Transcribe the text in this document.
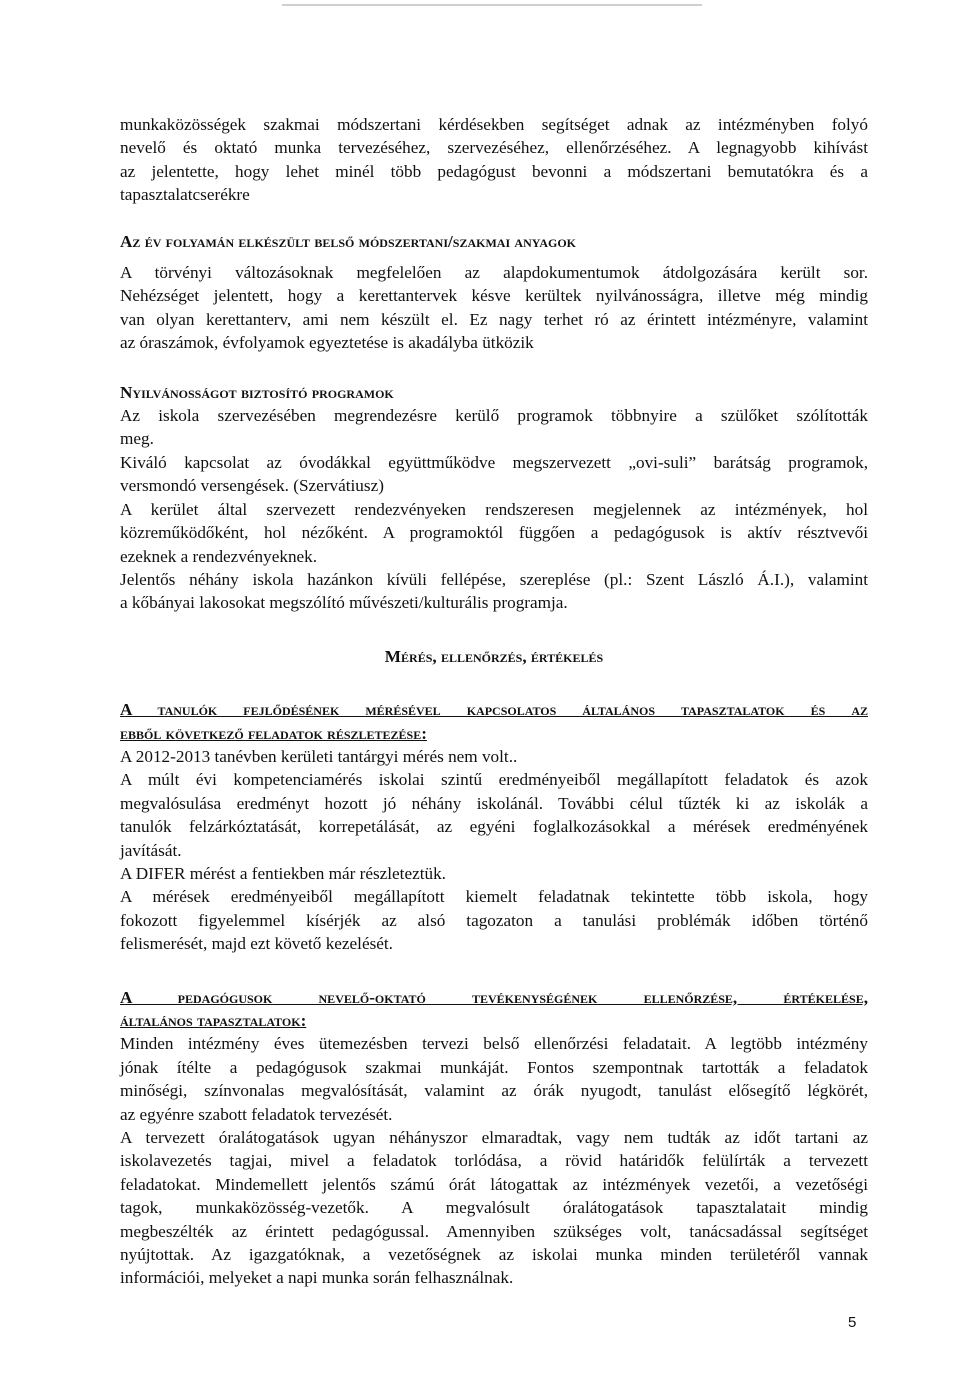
munkaközösségek szakmai módszertani kérdésekben segítséget adnak az intézményben folyó

nevelő és oktató munka tervezéséhez, szervezéséhez, ellenőrzéséhez. A legnagyobb kihívást

az jelentette, hogy lehet minél több pedagógust bevonni a módszertani bemutatókra és a

tapasztalatcserékre

Az év folyamán elkészült belső módszertani/szakmai anyagok

A törvényi változásoknak megfelelően az alapdokumentumok átdolgozására került sor.

Nehézséget jelentett, hogy a kerettantervek késve kerültek nyilvánosságra, illetve még mindig

van olyan kerettanterv, ami nem készült el. Ez nagy terhet ró az érintett intézményre, valamint

az óraszámok, évfolyamok egyeztetése is akadályba ütközik

Nyilvánosságot biztosító programok

Az iskola szervezésében megrendezésre kerülő programok többnyire a szülőket szólították

meg.

Kiváló kapcsolat az óvodákkal együttműködve megszervezett „ovi-suli” barátság programok,

versmondó versengések. (Szervátiusz)

A kerület által szervezett rendezvényeken rendszeresen megjelennek az intézmények, hol

közreműködőként, hol nézőként. A programoktól függően a pedagógusok is aktív résztvevői

ezeknek a rendezvényeknek.

Jelentős néhány iskola hazánkon kívüli fellépése, szereplése (pl.: Szent László Á.I.), valamint

a kőbányai lakosokat megszólító művészeti/kulturális programja.

Mérés, ellenőrzés, értékelés

A tanulók fejlődésének mérésével kapcsolatos általános tapasztalatok és az

ebből következő feladatok részletezése:

A 2012-2013 tanévben kerületi tantárgyi mérés nem volt..

A múlt évi kompetenciamérés iskolai szintű eredményeiből megállapított feladatok és azok

megvalósulása eredményt hozott jó néhány iskolánál. További célul tűzték ki az iskolák a

tanulók felzárkóztatását, korrepetálását, az egyéni foglalkozásokkal a mérések eredményének

javítását.

A DIFER mérést a fentiekben már részleteztük.

A mérések eredményeiből megállapított kiemelt feladatnak tekintette több iskola, hogy

fokozott figyelemmel kísérjék az alsó tagozaton a tanulási problémák időben történő

felismerését, majd ezt követő kezelését.

A pedagógusok nevelő-oktató tevékenységének ellenőrzése, értékelése,

általános tapasztalatok:

Minden intézmény éves ütemezésben tervezi belső ellenőrzési feladatait. A legtöbb intézmény

jónak ítélte a pedagógusok szakmai munkáját. Fontos szempontnak tartották a feladatok

minőségi, színvonalas megvalósítását, valamint az órák nyugodt, tanulást elősegítő légkörét,

az egyénre szabott feladatok tervezését.

A tervezett óralátogatások ugyan néhányszor elmaradtak, vagy nem tudták az időt tartani az

iskolavezetés tagjai, mivel a feladatok torlódása, a rövid határidők felülírták a tervezett

feladatokat. Mindemellett jelentős számú órát látogattak az intézmények vezetői, a vezetőségi

tagok, munkaközösség-vezetők. A megvalósult óralátogatások tapasztalatait mindig

megbeszélték az érintett pedagógussal. Amennyiben szükséges volt, tanácsadással segítséget

nyújtottak. Az igazgatóknak, a vezetőségnek az iskolai munka minden területéről vannak

információi, melyeket a napi munka során felhasználnak.

5
